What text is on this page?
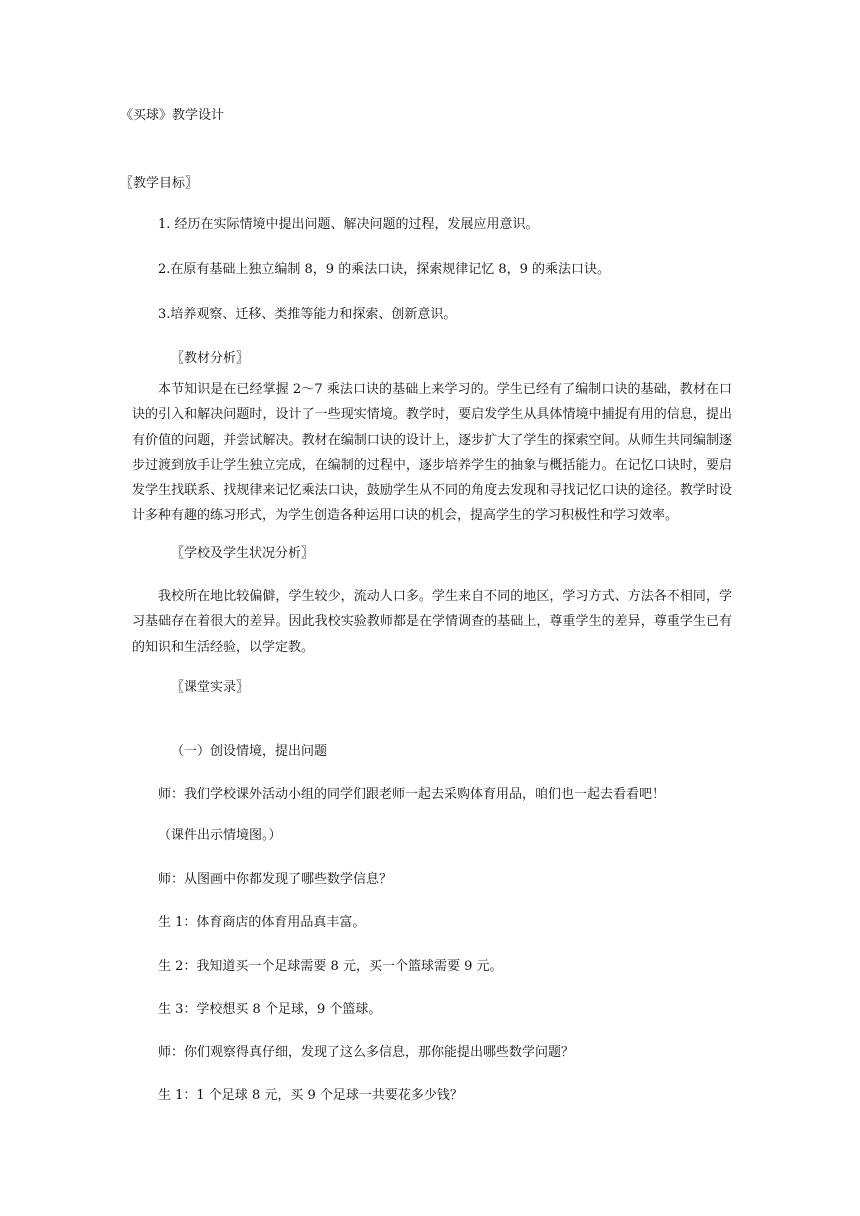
《买球》教学设计

〖教学目标〗

1. 经历在实际情境中提出问题、解决问题的过程，发展应用意识。

2.在原有基础上独立编制 8，9 的乘法口诀，探索规律记忆 8，9 的乘法口诀。

3.培养观察、迁移、类推等能力和探索、创新意识。

〖教材分析〗

本节知识是在已经掌握 2～7 乘法口诀的基础上来学习的。学生已经有了编制口诀的基础，教材在口诀的引入和解决问题时，设计了一些现实情境。教学时，要启发学生从具体情境中捕捉有用的信息，提出有价值的问题，并尝试解决。教材在编制口诀的设计上，逐步扩大了学生的探索空间。从师生共同编制逐步过渡到放手让学生独立完成，在编制的过程中，逐步培养学生的抽象与概括能力。在记忆口诀时，要启发学生找联系、找规律来记忆乘法口诀，鼓励学生从不同的角度去发现和寻找记忆口诀的途径。教学时设计多种有趣的练习形式，为学生创造各种运用口诀的机会，提高学生的学习积极性和学习效率。

〖学校及学生状况分析〗

我校所在地比较偏僻，学生较少，流动人口多。学生来自不同的地区，学习方式、方法各不相同，学习基础存在着很大的差异。因此我校实验教师都是在学情调查的基础上，尊重学生的差异，尊重学生已有的知识和生活经验，以学定教。

〖课堂实录〗

（一）创设情境，提出问题

师：我们学校课外活动小组的同学们跟老师一起去采购体育用品，咱们也一起去看看吧！

（课件出示情境图。）

师：从图画中你都发现了哪些数学信息？

生 1：体育商店的体育用品真丰富。

生 2：我知道买一个足球需要 8 元，买一个篮球需要 9 元。

生 3：学校想买 8 个足球，9 个篮球。

师：你们观察得真仔细，发现了这么多信息，那你能提出哪些数学问题？

生 1：1 个足球 8 元，买 9 个足球一共要花多少钱？
